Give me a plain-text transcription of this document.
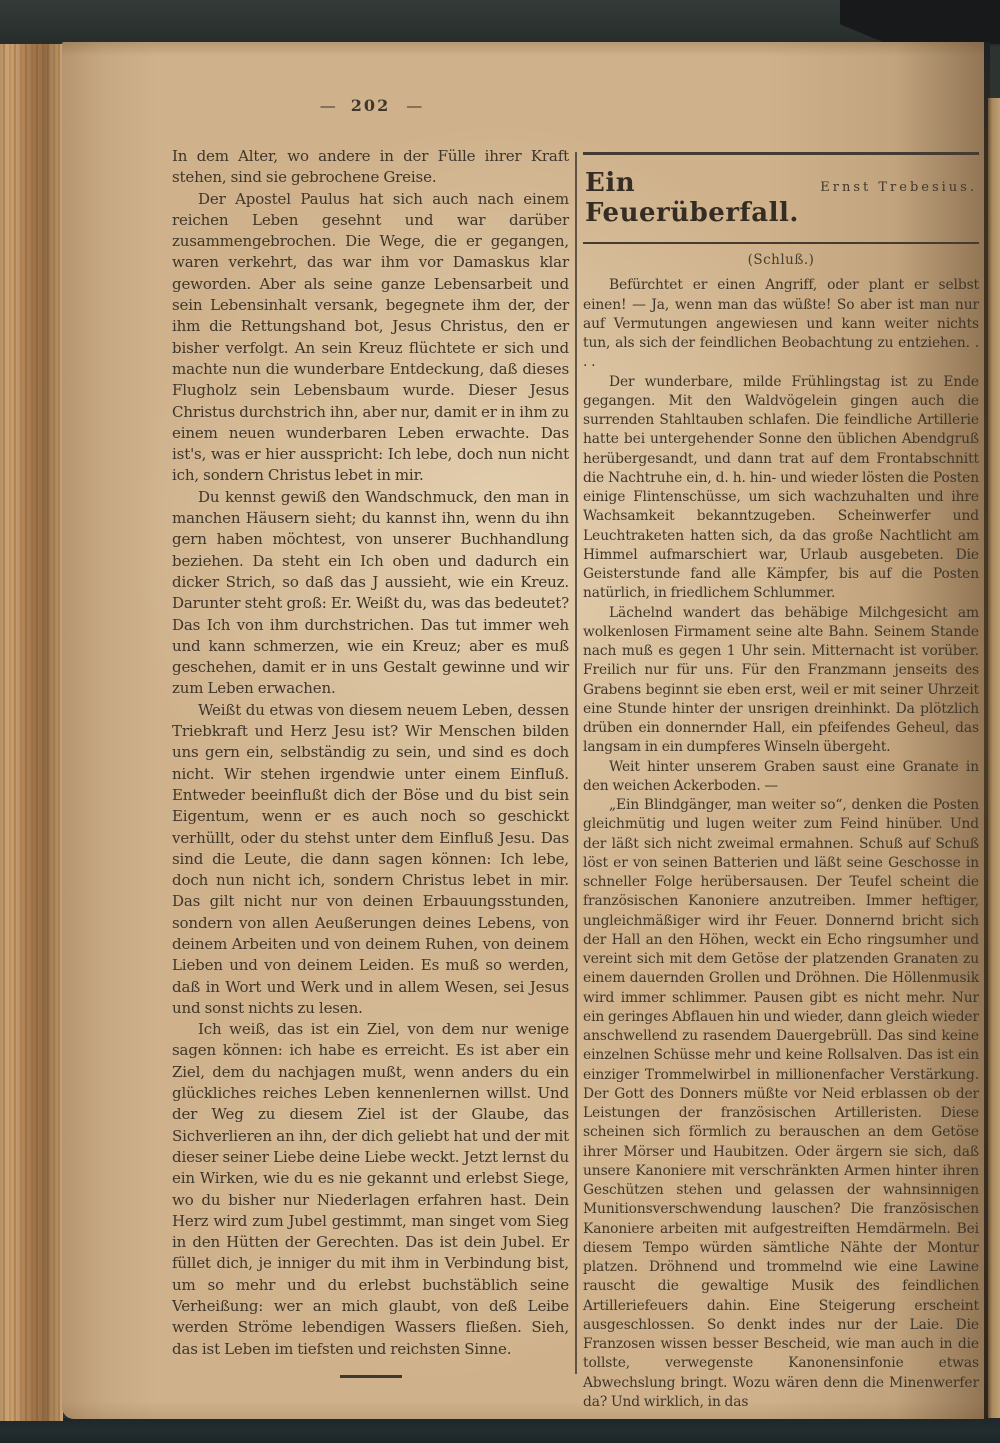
— 202 —

In dem Alter, wo andere in der Fülle ihrer Kraft stehen, sind sie gebrochene Greise.

Der Apostel Paulus hat sich auch nach einem reichen Leben gesehnt und war darüber zusammengebrochen. Die Wege, die er gegangen, waren verkehrt, das war ihm vor Damaskus klar geworden. Aber als seine ganze Lebensarbeit und sein Lebensinhalt versank, begegnete ihm der, der ihm die Rettungshand bot, Jesus Christus, den er bisher verfolgt. An sein Kreuz flüchtete er sich und machte nun die wunderbare Entdeckung, daß dieses Flugholz sein Lebensbaum wurde. Dieser Jesus Christus durchstrich ihn, aber nur, damit er in ihm zu einem neuen wunderbaren Leben erwachte. Das ist's, was er hier ausspricht: Ich lebe, doch nun nicht ich, sondern Christus lebet in mir.

Du kennst gewiß den Wandschmuck, den man in manchen Häusern sieht; du kannst ihn, wenn du ihn gern haben möchtest, von unserer Buchhandlung beziehen. Da steht ein Ich oben und dadurch ein dicker Strich, so daß das J aussieht, wie ein Kreuz. Darunter steht groß: Er. Weißt du, was das bedeutet? Das Ich von ihm durchstrichen. Das tut immer weh und kann schmerzen, wie ein Kreuz; aber es muß geschehen, damit er in uns Gestalt gewinne und wir zum Leben erwachen.

Weißt du etwas von diesem neuem Leben, dessen Triebkraft und Herz Jesu ist? Wir Menschen bilden uns gern ein, selbständig zu sein, und sind es doch nicht. Wir stehen irgendwie unter einem Einfluß. Entweder beeinflußt dich der Böse und du bist sein Eigentum, wenn er es auch noch so geschickt verhüllt, oder du stehst unter dem Einfluß Jesu. Das sind die Leute, die dann sagen können: Ich lebe, doch nun nicht ich, sondern Christus lebet in mir. Das gilt nicht nur von deinen Erbauungsstunden, sondern von allen Aeußerungen deines Lebens, von deinem Arbeiten und von deinem Ruhen, von deinem Lieben und von deinem Leiden. Es muß so werden, daß in Wort und Werk und in allem Wesen, sei Jesus und sonst nichts zu lesen.

Ich weiß, das ist ein Ziel, von dem nur wenige sagen können: ich habe es erreicht. Es ist aber ein Ziel, dem du nachjagen mußt, wenn anders du ein glückliches reiches Leben kennenlernen willst. Und der Weg zu diesem Ziel ist der Glaube, das Sichverlieren an ihn, der dich geliebt hat und der mit dieser seiner Liebe deine Liebe weckt. Jetzt lernst du ein Wirken, wie du es nie gekannt und erlebst Siege, wo du bisher nur Niederlagen erfahren hast. Dein Herz wird zum Jubel gestimmt, man singet vom Sieg in den Hütten der Gerechten. Das ist dein Jubel. Er füllet dich, je inniger du mit ihm in Verbindung bist, um so mehr und du erlebst buchstäblich seine Verheißung: wer an mich glaubt, von deß Leibe werden Ströme lebendigen Wassers fließen. Sieh, das ist Leben im tiefsten und reichsten Sinne.

Ein Feuerüberfall.
Ernst Trebesius.
(Schluß.)

Befürchtet er einen Angriff, oder plant er selbst einen! — Ja, wenn man das wüßte! So aber ist man nur auf Vermutungen angewiesen und kann weiter nichts tun, als sich der feindlichen Beobachtung zu entziehen. . . .

Der wunderbare, milde Frühlingstag ist zu Ende gegangen. Mit den Waldvögelein gingen auch die surrenden Stahltauben schlafen. Die feindliche Artillerie hatte bei untergehender Sonne den üblichen Abendgruß herübergesandt, und dann trat auf dem Frontabschnitt die Nachtruhe ein, d. h. hin- und wieder lösten die Posten einige Flintenschüsse, um sich wachzuhalten und ihre Wachsamkeit bekanntzugeben. Scheinwerfer und Leuchtraketen hatten sich, da das große Nachtlicht am Himmel aufmarschiert war, Urlaub ausgebeten. Die Geisterstunde fand alle Kämpfer, bis auf die Posten natürlich, in friedlichem Schlummer.

Lächelnd wandert das behäbige Milchgesicht am wolkenlosen Firmament seine alte Bahn. Seinem Stande nach muß es gegen 1 Uhr sein. Mitternacht ist vorüber. Freilich nur für uns. Für den Franzmann jenseits des Grabens beginnt sie eben erst, weil er mit seiner Uhrzeit eine Stunde hinter der unsrigen dreinhinkt. Da plötzlich drüben ein donnernder Hall, ein pfeifendes Geheul, das langsam in ein dumpferes Winseln übergeht.

Weit hinter unserem Graben saust eine Granate in den weichen Ackerboden. —

„Ein Blindgänger, man weiter so“, denken die Posten gleichmütig und lugen weiter zum Feind hinüber. Und der läßt sich nicht zweimal ermahnen. Schuß auf Schuß löst er von seinen Batterien und läßt seine Geschosse in schneller Folge herübersausen. Der Teufel scheint die französischen Kanoniere anzutreiben. Immer heftiger, ungleichmäßiger wird ihr Feuer. Donnernd bricht sich der Hall an den Höhen, weckt ein Echo ringsumher und vereint sich mit dem Getöse der platzenden Granaten zu einem dauernden Grollen und Dröhnen. Die Höllenmusik wird immer schlimmer. Pausen gibt es nicht mehr. Nur ein geringes Abflauen hin und wieder, dann gleich wieder anschwellend zu rasendem Dauergebrüll. Das sind keine einzelnen Schüsse mehr und keine Rollsalven. Das ist ein einziger Trommelwirbel in millionenfacher Verstärkung. Der Gott des Donners müßte vor Neid erblassen ob der Leistungen der französischen Artilleristen. Diese scheinen sich förmlich zu berauschen an dem Getöse ihrer Mörser und Haubitzen. Oder ärgern sie sich, daß unsere Kanoniere mit verschränkten Armen hinter ihren Geschützen stehen und gelassen der wahnsinnigen Munitionsverschwendung lauschen? Die französischen Kanoniere arbeiten mit aufgestreiften Hemdärmeln. Bei diesem Tempo würden sämtliche Nähte der Montur platzen. Dröhnend und trommelnd wie eine Lawine rauscht die gewaltige Musik des feindlichen Artilleriefeuers dahin. Eine Steigerung erscheint ausgeschlossen. So denkt indes nur der Laie. Die Franzosen wissen besser Bescheid, wie man auch in die tollste, verwegenste Kanonensinfonie etwas Abwechslung bringt. Wozu wären denn die Minenwerfer da? Und wirklich, in das
